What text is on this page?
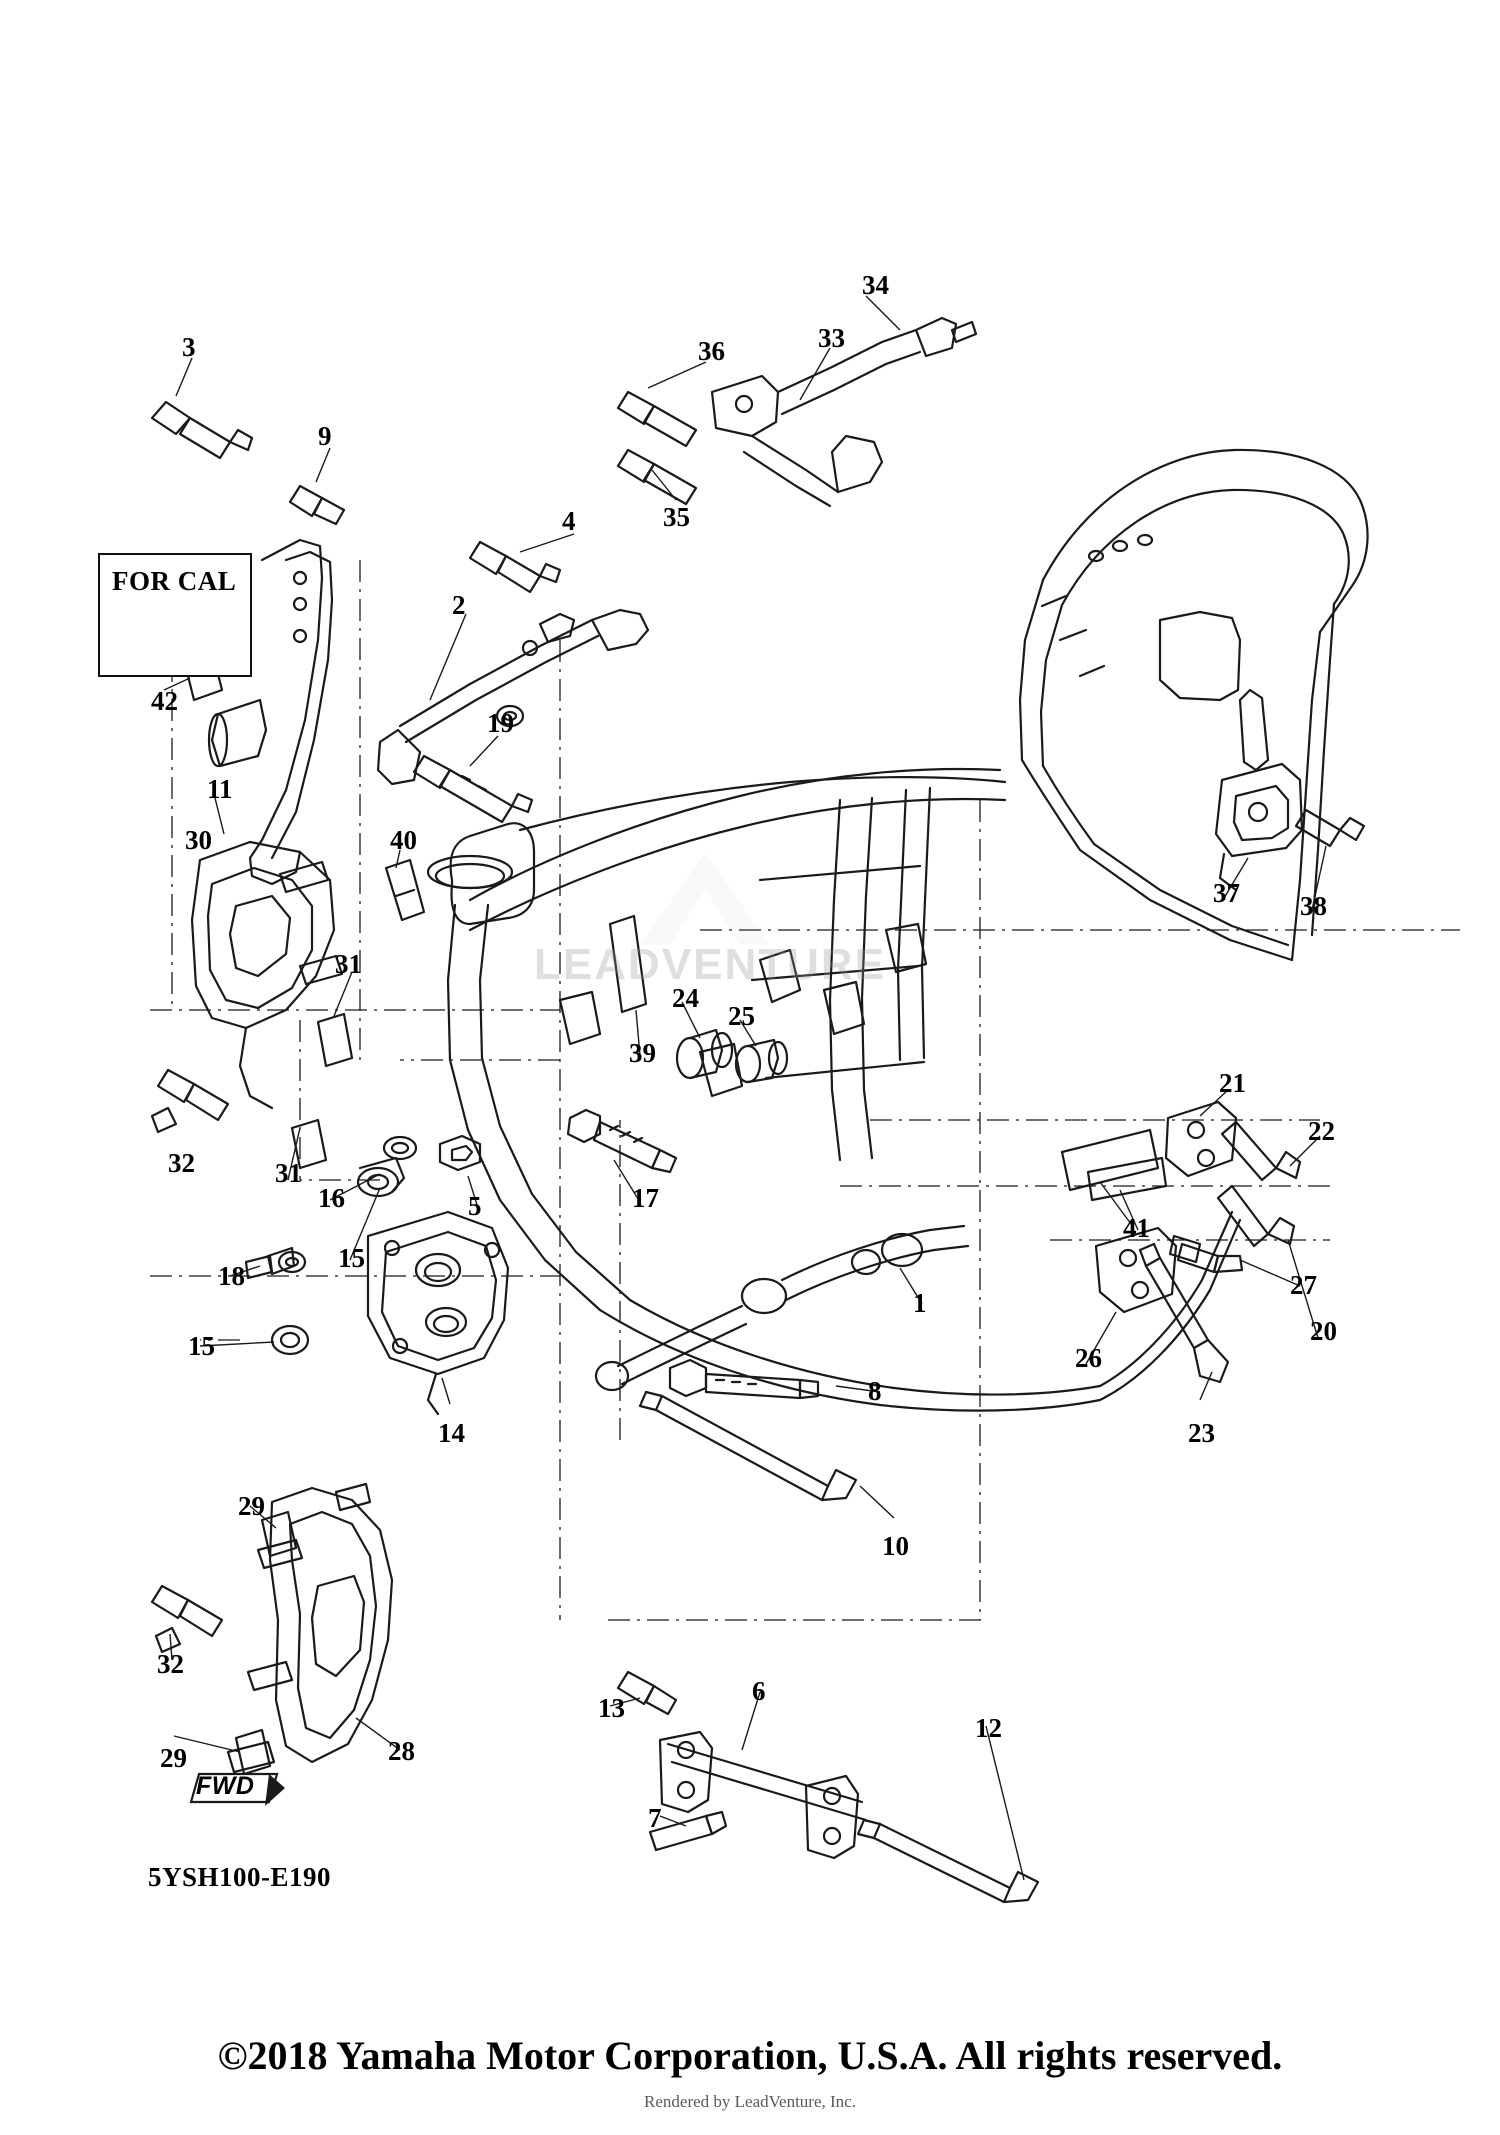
LEADVENTURE
FOR CAL
FWD
5YSH100-E190
34
3	36	33
9
35
4
2
42
19
11
30	40
37 38
31
24
25
39
21
32	31
22
16	5	17
41
15
18	27
1
15	20
26
8
14	23
10
29
32
13
6
12
29	28
7
©2018 Yamaha Motor Corporation, U.S.A. All rights reserved.
Rendered by LeadVenture, Inc.
